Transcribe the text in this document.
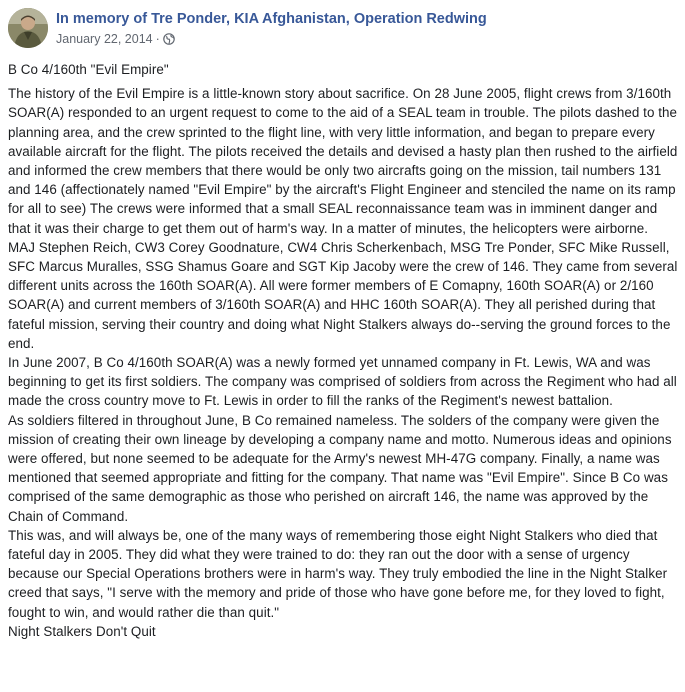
In memory of Tre Ponder, KIA Afghanistan, Operation Redwing
January 22, 2014 ·

B Co 4/160th "Evil Empire"

The history of the Evil Empire is a little-known story about sacrifice. On 28 June 2005, flight crews from 3/160th SOAR(A) responded to an urgent request to come to the aid of a SEAL team in trouble. The pilots dashed to the planning area, and the crew sprinted to the flight line, with very little information, and began to prepare every available aircraft for the flight. The pilots received the details and devised a hasty plan then rushed to the airfield and informed the crew members that there would be only two aircrafts going on the mission, tail numbers 131 and 146 (affectionately named "Evil Empire" by the aircraft's Flight Engineer and stenciled the name on its ramp for all to see) The crews were informed that a small SEAL reconnaissance team was in imminent danger and that it was their charge to get them out of harm's way. In a matter of minutes, the helicopters were airborne.

MAJ Stephen Reich, CW3 Corey Goodnature, CW4 Chris Scherkenbach, MSG Tre Ponder, SFC Mike Russell, SFC Marcus Muralles, SSG Shamus Goare and SGT Kip Jacoby were the crew of 146. They came from several different units across the 160th SOAR(A). All were former members of E Comapny, 160th SOAR(A) or 2/160 SOAR(A) and current members of 3/160th SOAR(A) and HHC 160th SOAR(A). They all perished during that fateful mission, serving their country and doing what Night Stalkers always do--serving the ground forces to the end.

In June 2007, B Co 4/160th SOAR(A) was a newly formed yet unnamed company in Ft. Lewis, WA and was beginning to get its first soldiers. The company was comprised of soldiers from across the Regiment who had all made the cross country move to Ft. Lewis in order to fill the ranks of the Regiment's newest battalion.

As soldiers filtered in throughout June, B Co remained nameless. The solders of the company were given the mission of creating their own lineage by developing a company name and motto. Numerous ideas and opinions were offered, but none seemed to be adequate for the Army's newest MH-47G company. Finally, a name was mentioned that seemed appropriate and fitting for the company. That name was "Evil Empire". Since B Co was comprised of the same demographic as those who perished on aircraft 146, the name was approved by the Chain of Command.

This was, and will always be, one of the many ways of remembering those eight Night Stalkers who died that fateful day in 2005. They did what they were trained to do: they ran out the door with a sense of urgency because our Special Operations brothers were in harm's way. They truly embodied the line in the Night Stalker creed that says, "I serve with the memory and pride of those who have gone before me, for they loved to fight, fought to win, and would rather die than quit."

Night Stalkers Don't Quit
